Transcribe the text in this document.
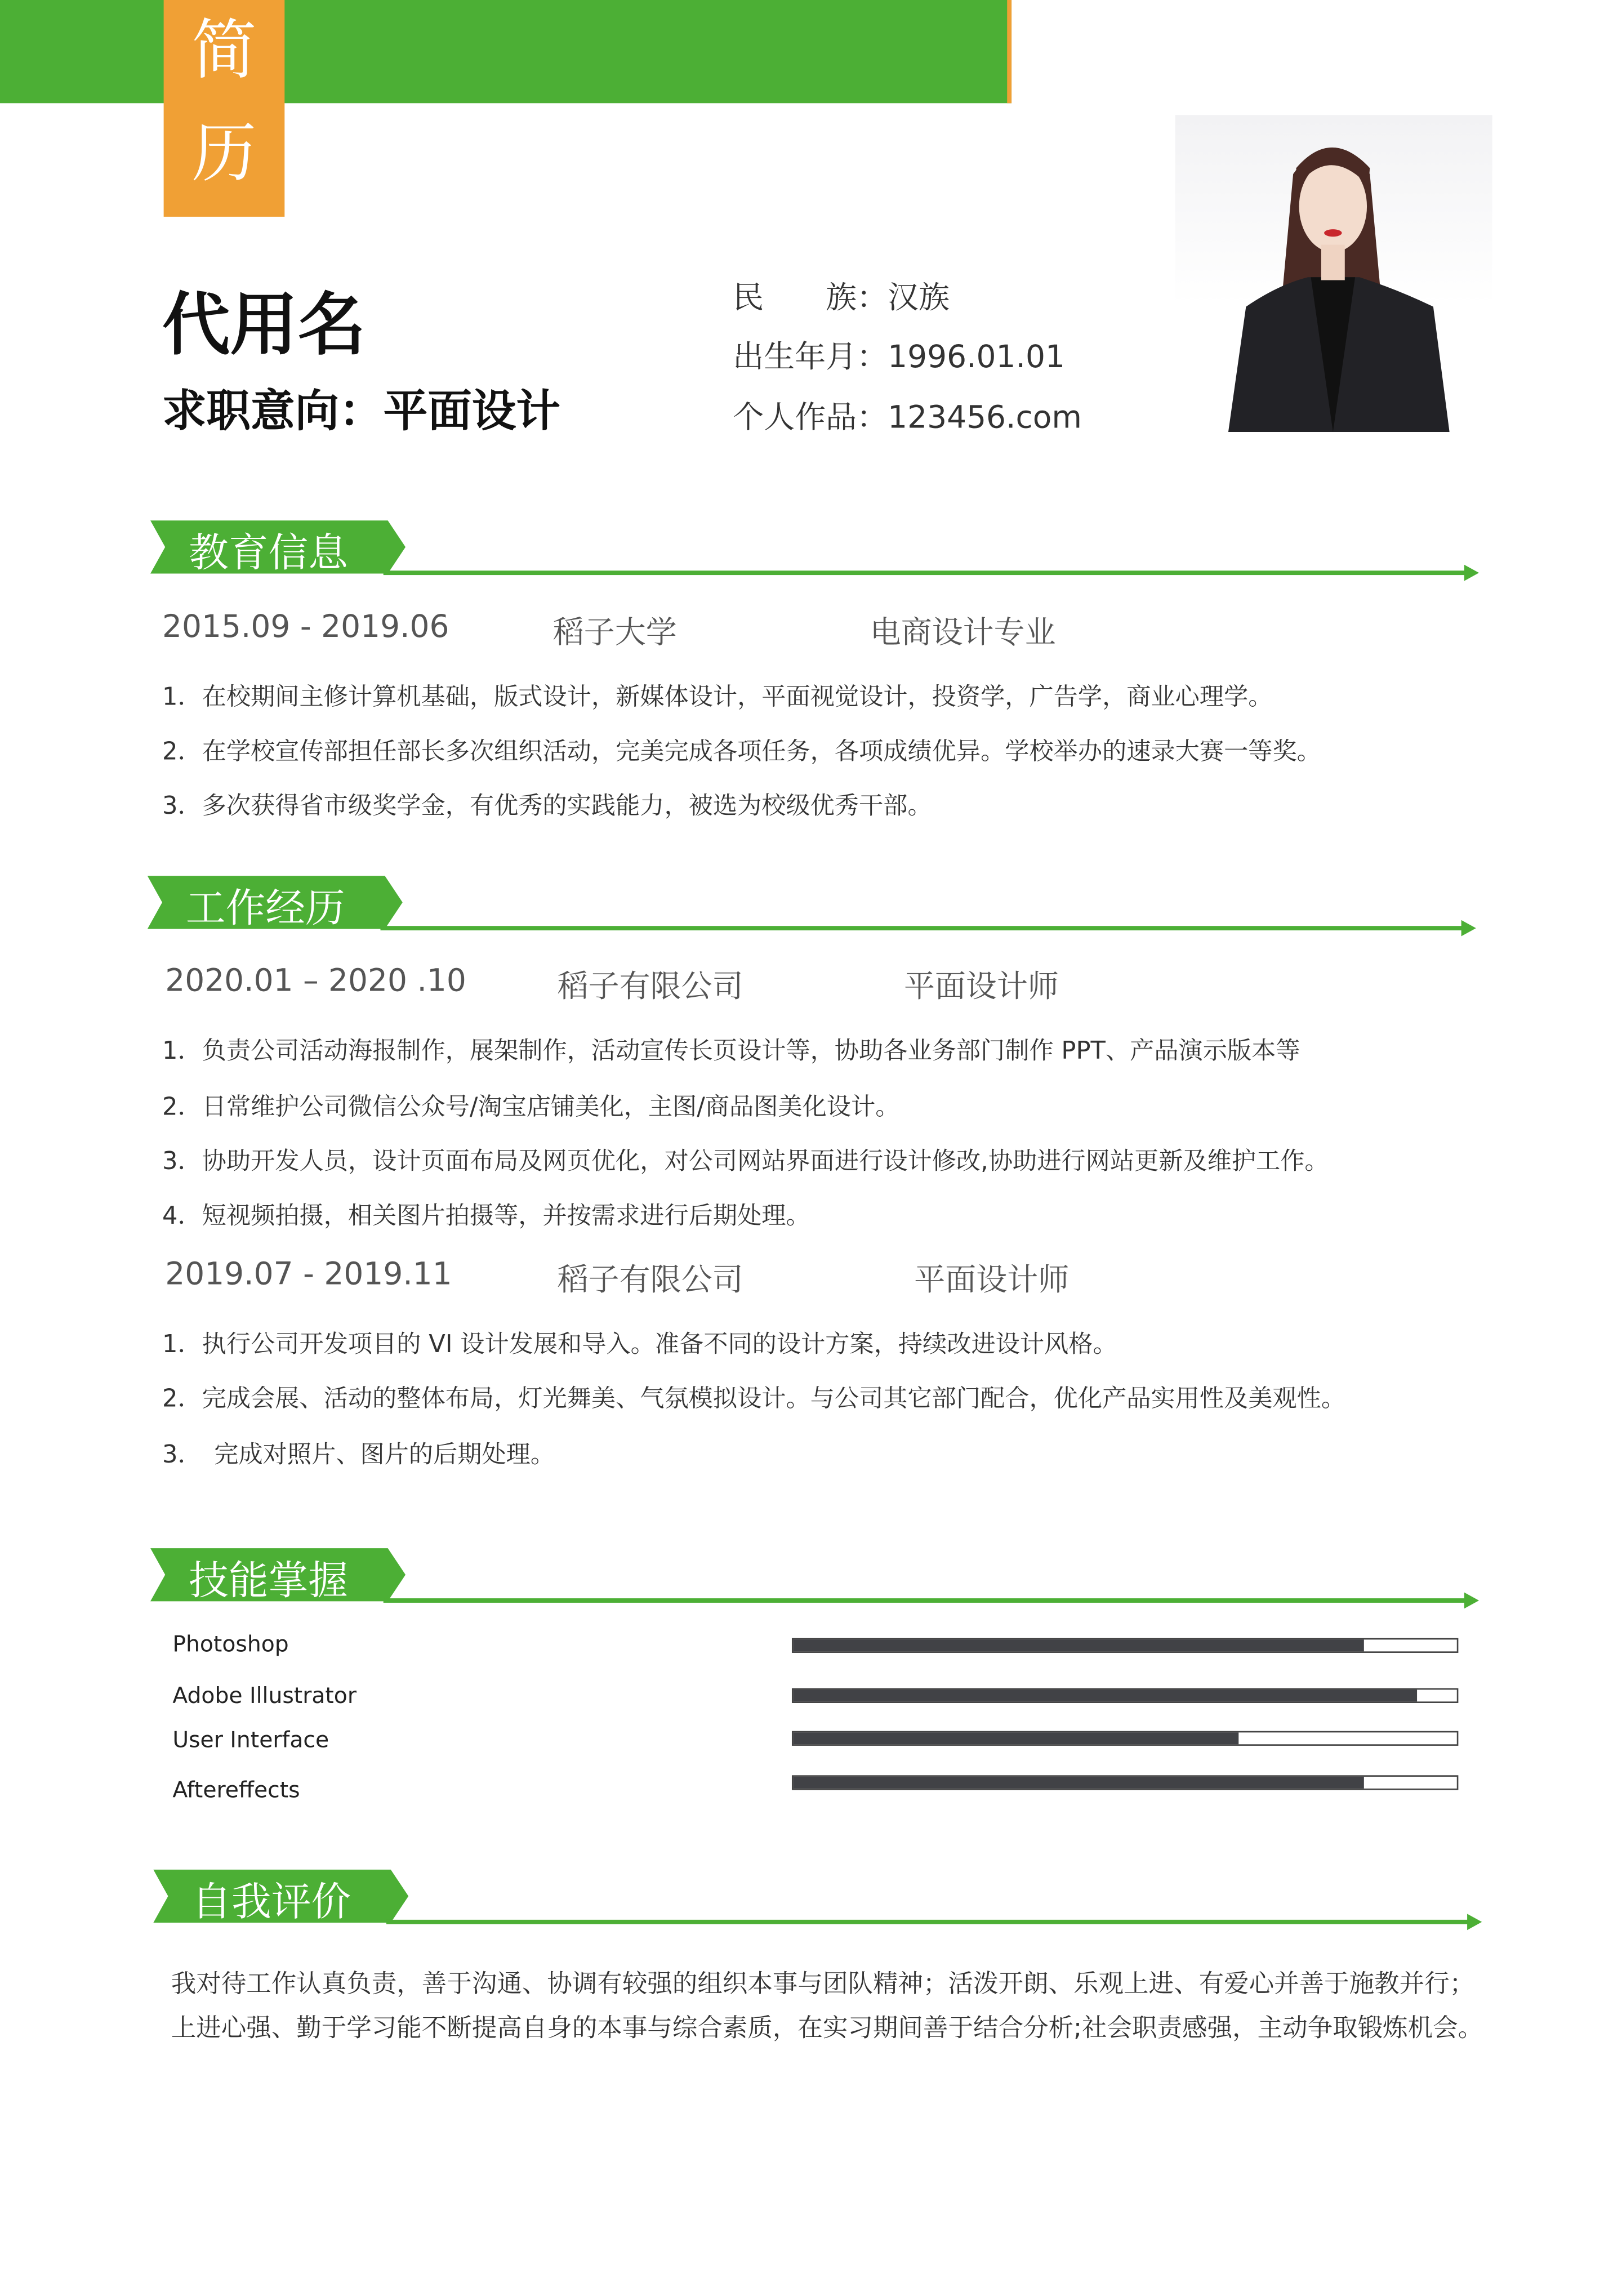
简
历
代用名
求职意向：平面设计
民　　族：汉族
出生年月：1996.01.01
个人作品：123456.com
教育信息
2015.09 - 2019.06	稻子大学	电商设计专业
1．在校期间主修计算机基础，版式设计，新媒体设计，平面视觉设计，投资学，广告学，商业心理学。
2．在学校宣传部担任部长多次组织活动，完美完成各项任务，各项成绩优异。学校举办的速录大赛一等奖。
3．多次获得省市级奖学金，有优秀的实践能力，被选为校级优秀干部。
工作经历
2020.01 – 2020 .10	稻子有限公司	平面设计师
1．负责公司活动海报制作，展架制作，活动宣传长页设计等，协助各业务部门制作 PPT、产品演示版本等
2．日常维护公司微信公众号/淘宝店铺美化，主图/商品图美化设计。
3．协助开发人员，设计页面布局及网页优化，对公司网站界面进行设计修改,协助进行网站更新及维护工作。
4．短视频拍摄，相关图片拍摄等，并按需求进行后期处理。
2019.07 - 2019.11	稻子有限公司	平面设计师
1．执行公司开发项目的 VI 设计发展和导入。准备不同的设计方案，持续改进设计风格。
2．完成会展、活动的整体布局，灯光舞美、气氛模拟设计。与公司其它部门配合，优化产品实用性及美观性。
3．　完成对照片、图片的后期处理。
技能掌握
Photoshop
Adobe Illustrator
User Interface
Aftereffects
自我评价
我对待工作认真负责，善于沟通、协调有较强的组织本事与团队精神；活泼开朗、乐观上进、有爱心并善于施教并行；上进心强、勤于学习能不断提高自身的本事与综合素质，在实习期间善于结合分析;社会职责感强，主动争取锻炼机会。
